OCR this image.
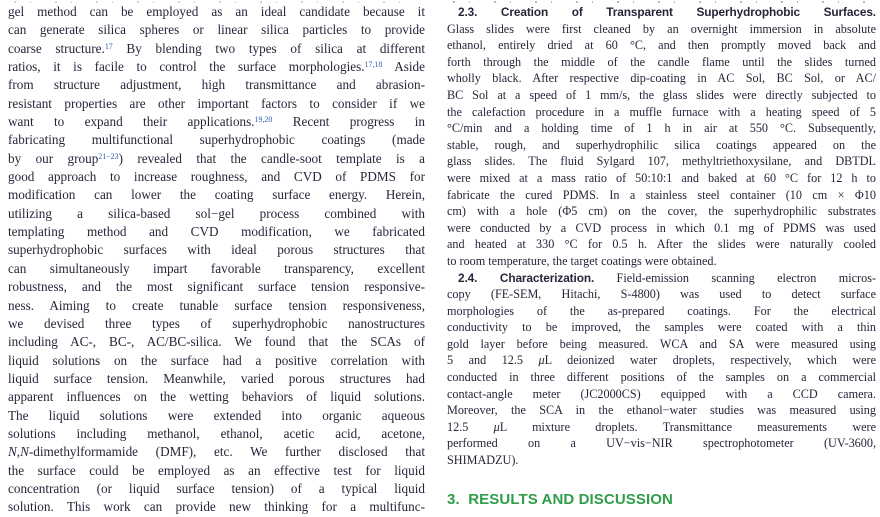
gel method can be employed as an ideal candidate because it
can generate silica spheres or linear silica particles to provide
coarse structure.$^{17}$ By blending two types of silica at different
ratios, it is facile to control the surface morphologies.$^{17,18}$ Aside
from structure adjustment, high transmittance and abrasion-
resistant properties are other important factors to consider if we
want to expand their applications.$^{19,20}$ Recent progress in
fabricating multifunctional superhydrophobic coatings (made
by our group$^{21-23}$) revealed that the candle-soot template is a
good approach to increase roughness, and CVD of PDMS for
modification can lower the coating surface energy. Herein,
utilizing a silica-based sol−gel process combined with
templating method and CVD modification, we fabricated
superhydrophobic surfaces with ideal porous structures that
can simultaneously impart favorable transparency, excellent
robustness, and the most significant surface tension responsive-
ness. Aiming to create tunable surface tension responsiveness,
we devised three types of superhydrophobic nanostructures
including AC-, BC-, AC/BC-silica. We found that the SCAs of
liquid solutions on the surface had a positive correlation with
liquid surface tension. Meanwhile, varied porous structures had
apparent influences on the wetting behaviors of liquid solutions.
The liquid solutions were extended into organic aqueous
solutions including methanol, ethanol, acetic acid, acetone,
N,N-dimethylformamide (DMF), etc. We further disclosed that
the surface could be employed as an effective test for liquid
concentration (or liquid surface tension) of a typical liquid
solution. This work can provide new thinking for a multifunc-
2.3. Creation of Transparent Superhydrophobic Surfaces.
Glass slides were first cleaned by an overnight immersion in absolute
ethanol, entirely dried at 60 °C, and then promptly moved back and
forth through the middle of the candle flame until the slides turned
wholly black. After respective dip-coating in AC Sol, BC Sol, or AC/
BC Sol at a speed of 1 mm/s, the glass slides were directly subjected to
the calefaction procedure in a muffle furnace with a heating speed of 5
°C/min and a holding time of 1 h in air at 550 °C. Subsequently,
stable, rough, and superhydrophilic silica coatings appeared on the
glass slides. The fluid Sylgard 107, methyltriethoxysilane, and DBTDL
were mixed at a mass ratio of 50:10:1 and baked at 60 °C for 12 h to
fabricate the cured PDMS. In a stainless steel container (10 cm × Φ10
cm) with a hole (Φ5 cm) on the cover, the superhydrophilic substrates
were conducted by a CVD process in which 0.1 mg of PDMS was used
and heated at 330 °C for 0.5 h. After the slides were naturally cooled
to room temperature, the target coatings were obtained.
2.4. Characterization. Field-emission scanning electron micros-
copy (FE-SEM, Hitachi, S-4800) was used to detect surface
morphologies of the as-prepared coatings. For the electrical
conductivity to be improved, the samples were coated with a thin
gold layer before being measured. WCA and SA were measured using
5 and 12.5 μL deionized water droplets, respectively, which were
conducted in three different positions of the samples on a commercial
contact-angle meter (JC2000CS) equipped with a CCD camera.
Moreover, the SCA in the ethanol−water studies was measured using
12.5 μL mixture droplets. Transmittance measurements were
performed on a UV−vis−NIR spectrophotometer (UV-3600,
SHIMADZU).
3.  RESULTS AND DISCUSSION
